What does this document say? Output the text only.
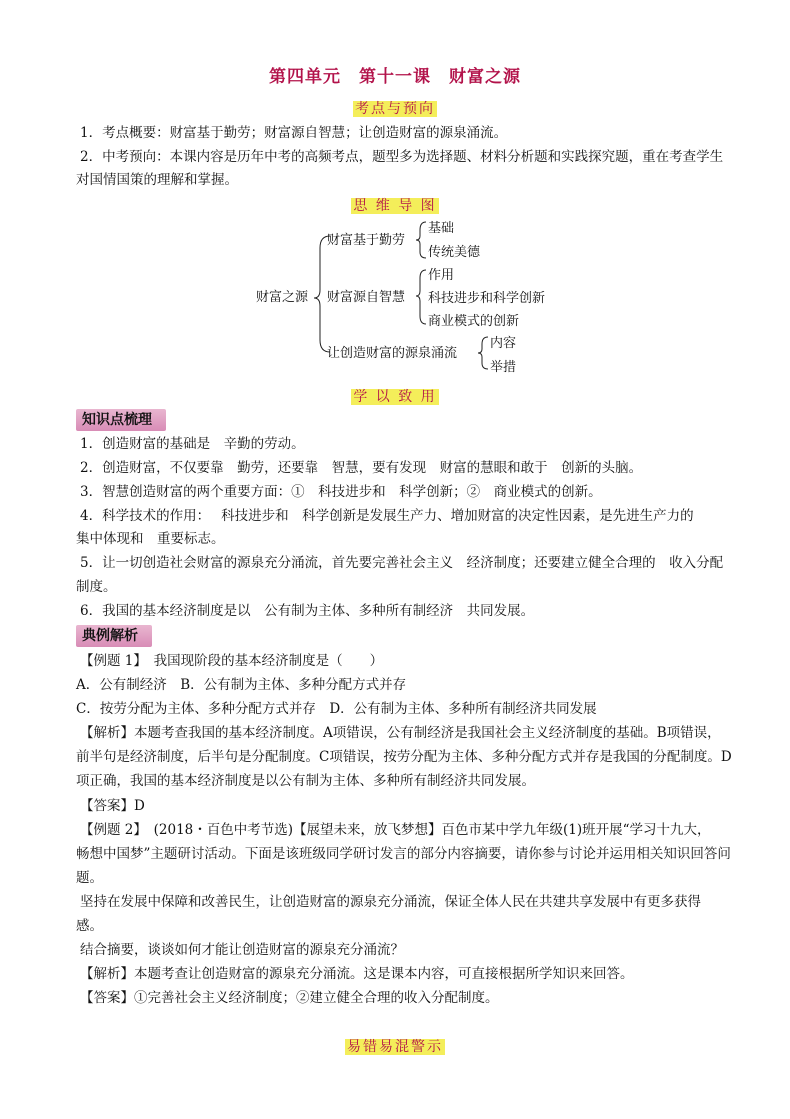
第四单元　第十一课　财富之源
考点与预向
1．考点概要：财富基于勤劳；财富源自智慧；让创造财富的源泉涌流。
2．中考预向：本课内容是历年中考的高频考点，题型多为选择题、材料分析题和实践探究题，重在考查学生
对国情国策的理解和掌握。
思 维 导 图
财富之源
财富基于勤劳
基础
传统美德
财富源自智慧
作用
科技进步和科学创新
商业模式的创新
让创造财富的源泉涌流
内容
举措
学 以 致 用
知识点梳理
1．创造财富的基础是　辛勤的劳动。
2．创造财富，不仅要靠　勤劳，还要靠　智慧，要有发现　财富的慧眼和敢于　创新的头脑。
3．智慧创造财富的两个重要方面：①　科技进步和　科学创新；②　商业模式的创新。
4．科学技术的作用：　 科技进步和　科学创新是发展生产力、增加财富的决定性因素，是先进生产力的
集中体现和　重要标志。
5．让一切创造社会财富的源泉充分涌流，首先要完善社会主义　经济制度；还要建立健全合理的　收入分配
制度。
6．我国的基本经济制度是以　公有制为主体、多种所有制经济　共同发展。
典例解析
【例题 1】　我国现阶段的基本经济制度是（　　）
A．公有制经济　B．公有制为主体、多种分配方式并存
C．按劳分配为主体、多种分配方式并存　D．公有制为主体、多种所有制经济共同发展
【解析】本题考查我国的基本经济制度。A项错误，公有制经济是我国社会主义经济制度的基础。B项错误，
前半句是经济制度，后半句是分配制度。C项错误，按劳分配为主体、多种分配方式并存是我国的分配制度。D
项正确，我国的基本经济制度是以公有制为主体、多种所有制经济共同发展。
【答案】D
【例题 2】　(2018・百色中考节选)【展望未来，放飞梦想】百色市某中学九年级(1)班开展“学习十九大，
畅想中国梦”主题研讨活动。下面是该班级同学研讨发言的部分内容摘要，请你参与讨论并运用相关知识回答问
题。
坚持在发展中保障和改善民生，让创造财富的源泉充分涌流，保证全体人民在共建共享发展中有更多获得
感。
结合摘要，谈谈如何才能让创造财富的源泉充分涌流？
【解析】本题考查让创造财富的源泉充分涌流。这是课本内容，可直接根据所学知识来回答。
【答案】①完善社会主义经济制度；②建立健全合理的收入分配制度。
易错易混警示
